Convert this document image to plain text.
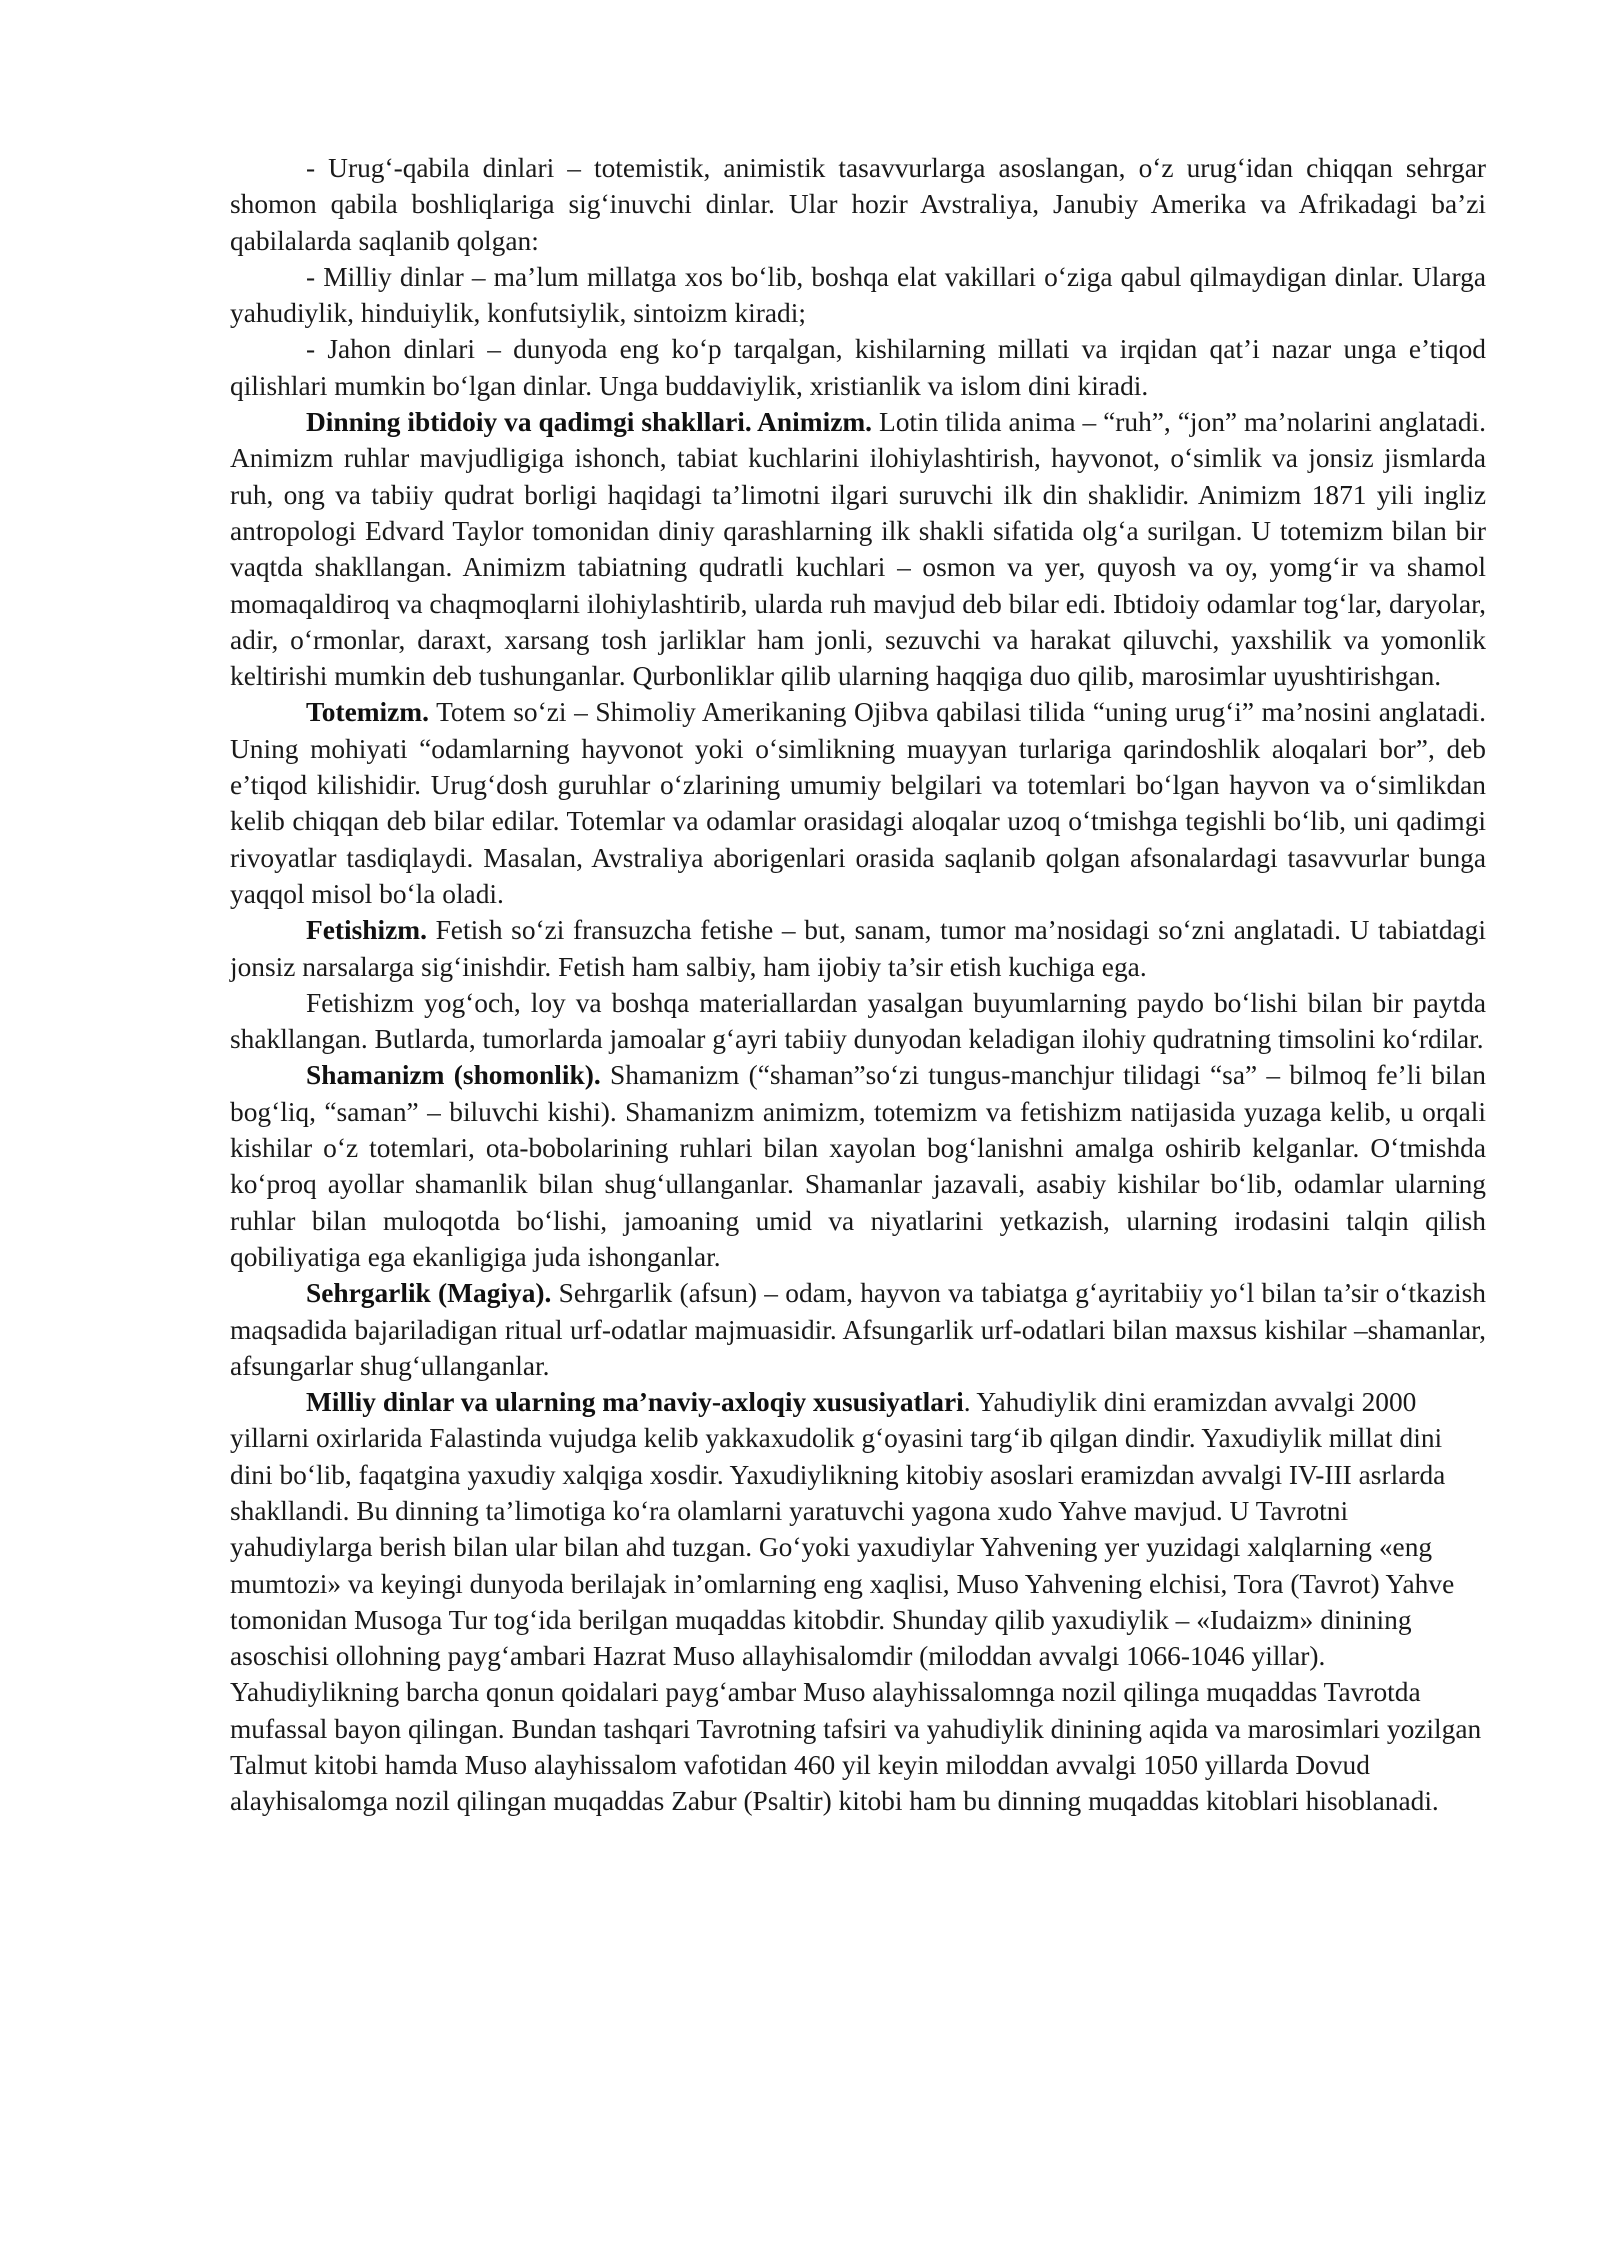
- Urug‘-qabila dinlari – totemistik, animistik tasavvurlarga asoslangan, o‘z urug‘idan chiqqan sehrgar shomon qabila boshliqlariga sig‘inuvchi dinlar. Ular hozir Avstraliya, Janubiy Amerika va Afrikadagi ba’zi qabilalarda saqlanib qolgan:

- Milliy dinlar – ma’lum millatga xos bo‘lib, boshqa elat vakillari o‘ziga qabul qilmaydigan dinlar. Ularga yahudiylik, hinduiylik, konfutsiylik, sintoizm kiradi;

- Jahon dinlari – dunyoda eng ko‘p tarqalgan, kishilarning millati va irqidan qat’i nazar unga e’tiqod qilishlari mumkin bo‘lgan dinlar. Unga buddaviylik, xristianlik va islom dini kiradi.

Dinning ibtidoiy va qadimgi shakllari. Animizm. Lotin tilida anima – “ruh”, “jon” ma’nolarini anglatadi. Animizm ruhlar mavjudligiga ishonch, tabiat kuchlarini ilohiylashtirish, hayvonot, o‘simlik va jonsiz jismlarda ruh, ong va tabiiy qudrat borligi haqidagi ta’limotni ilgari suruvchi ilk din shaklidir. Animizm 1871 yili ingliz antropologi Edvard Taylor tomonidan diniy qarashlarning ilk shakli sifatida olg‘a surilgan. U totemizm bilan bir vaqtda shakllangan. Animizm tabiatning qudratli kuchlari – osmon va yer, quyosh va oy, yomg‘ir va shamol momaqaldiroq va chaqmoqlarni ilohiylashtirib, ularda ruh mavjud deb bilar edi. Ibtidoiy odamlar tog‘lar, daryolar, adir, o‘rmonlar, daraxt, xarsang tosh jarliklar ham jonli, sezuvchi va harakat qiluvchi, yaxshilik va yomonlik keltirishi mumkin deb tushunganlar. Qurbonliklar qilib ularning haqqiga duo qilib, marosimlar uyushtirishgan.

Totemizm. Totem so‘zi – Shimoliy Amerikaning Ojibva qabilasi tilida “uning urug‘i” ma’nosini anglatadi. Uning mohiyati “odamlarning hayvonot yoki o‘simlikning muayyan turlariga qarindoshlik aloqalari bor”, deb e’tiqod kilishidir. Urug‘dosh guruhlar o‘zlarining umumiy belgilari va totemlari bo‘lgan hayvon va o‘simlikdan kelib chiqqan deb bilar edilar. Totemlar va odamlar orasidagi aloqalar uzoq o‘tmishga tegishli bo‘lib, uni qadimgi rivoyatlar tasdiqlaydi. Masalan, Avstraliya aborigenlari orasida saqlanib qolgan afsonalardagi tasavvurlar bunga yaqqol misol bo‘la oladi.

Fetishizm. Fetish so‘zi fransuzcha fetishe – but, sanam, tumor ma’nosidagi so‘zni anglatadi. U tabiatdagi jonsiz narsalarga sig‘inishdir. Fetish ham salbiy, ham ijobiy ta’sir etish kuchiga ega.

Fetishizm yog‘och, loy va boshqa materiallardan yasalgan buyumlarning paydo bo‘lishi bilan bir paytda shakllangan. Butlarda, tumorlarda jamoalar g‘ayri tabiiy dunyodan keladigan ilohiy qudratning timsolini ko‘rdilar.

Shamanizm (shomonlik). Shamanizm (“shaman”so‘zi tungus-manchjur tilidagi “sa” – bilmoq fe’li bilan bog‘liq, “saman” – biluvchi kishi). Shamanizm animizm, totemizm va fetishizm natijasida yuzaga kelib, u orqali kishilar o‘z totemlari, ota-bobolarining ruhlari bilan xayolan bog‘lanishni amalga oshirib kelganlar. O‘tmishda ko‘proq ayollar shamanlik bilan shug‘ullanganlar. Shamanlar jazavali, asabiy kishilar bo‘lib, odamlar ularning ruhlar bilan muloqotda bo‘lishi, jamoaning umid va niyatlarini yetkazish, ularning irodasini talqin qilish qobiliyatiga ega ekanligiga juda ishonganlar.

Sehrgarlik (Magiya). Sehrgarlik (afsun) – odam, hayvon va tabiatga g‘ayritabiiy yo‘l bilan ta’sir o‘tkazish maqsadida bajariladigan ritual urf-odatlar majmuasidir. Afsungarlik urf-odatlari bilan maxsus kishilar –shamanlar, afsungarlar shug‘ullanganlar.

Milliy dinlar va ularning ma’naviy-axloqiy xususiyatlari. Yahudiylik dini eramizdan avvalgi 2000 yillarni oxirlarida Falastinda vujudga kelib yakkaxudolik g‘oyasini targ‘ib qilgan dindir. Yaxudiylik millat dini dini bo‘lib, faqatgina yaxudiy xalqiga xosdir. Yaxudiylikning kitobiy asoslari eramizdan avvalgi IV-III asrlarda shakllandi. Bu dinning ta’limotiga ko‘ra olamlarni yaratuvchi yagona xudo Yahve mavjud. U Tavrotni yahudiylarga berish bilan ular bilan ahd tuzgan. Go‘yoki yaxudiylar Yahvening yer yuzidagi xalqlarning «eng mumtozi» va keyingi dunyoda berilajak in’omlarning eng xaqlisi, Muso Yahvening elchisi, Tora (Tavrot) Yahve tomonidan Musoga Tur tog‘ida berilgan muqaddas kitobdir. Shunday qilib yaxudiylik – «Iudaizm» dinining asoschisi ollohning payg‘ambari Hazrat Muso allayhisalomdir (miloddan avvalgi 1066-1046 yillar). Yahudiylikning barcha qonun qoidalari payg‘ambar Muso alayhissalomnga nozil qilinga muqaddas Tavrotda mufassal bayon qilingan. Bundan tashqari Tavrotning tafsiri va yahudiylik dinining aqida va marosimlari yozilgan Talmut kitobi hamda Muso alayhissalom vafotidan 460 yil keyin miloddan avvalgi 1050 yillarda Dovud alayhisalomga nozil qilingan muqaddas Zabur (Psaltir) kitobi ham bu dinning muqaddas kitoblari hisoblanadi.
